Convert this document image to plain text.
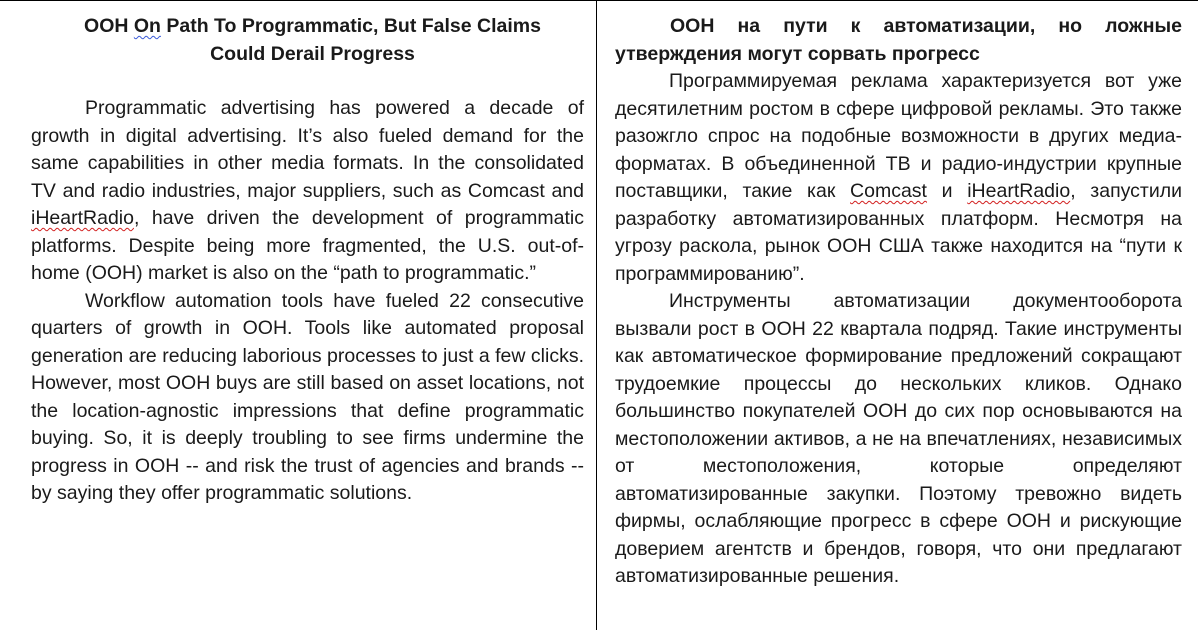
OOH On Path To Programmatic, But False Claims Could Derail Progress

Programmatic advertising has powered a decade of growth in digital advertising. It’s also fueled demand for the same capabilities in other media formats. In the consolidated TV and radio industries, major suppliers, such as Comcast and iHeartRadio, have driven the development of programmatic platforms. Despite being more fragmented, the U.S. out-of-home (OOH) market is also on the “path to programmatic.”

Workflow automation tools have fueled 22 consecutive quarters of growth in OOH. Tools like automated proposal generation are reducing laborious processes to just a few clicks. However, most OOH buys are still based on asset locations, not the location-agnostic impressions that define programmatic buying. So, it is deeply troubling to see firms undermine the progress in OOH -- and risk the trust of agencies and brands -- by saying they offer programmatic solutions.

OOH на пути к автоматизации, но ложные утверждения могут сорвать прогресс

Программируемая реклама характеризуется вот уже десятилетним ростом в сфере цифровой рекламы. Это также разожгло спрос на подобные возможности в других медиа-форматах. В объединенной ТВ и радио-индустрии крупные поставщики, такие как Comcast и iHeartRadio, запустили разработку автоматизированных платформ. Несмотря на угрозу раскола, рынок OOH США также находится на “пути к программированию”.

Инструменты автоматизации документооборота вызвали рост в OOH 22 квартала подряд. Такие инструменты как автоматическое формирование предложений сокращают трудоемкие процессы до нескольких кликов. Однако большинство покупателей OOH до сих пор основываются на местоположении активов, а не на впечатлениях, независимых от местоположения, которые определяют автоматизированные закупки. Поэтому тревожно видеть фирмы, ослабляющие прогресс в сфере OOH и рискующие доверием агентств и брендов, говоря, что они предлагают автоматизированные решения.
